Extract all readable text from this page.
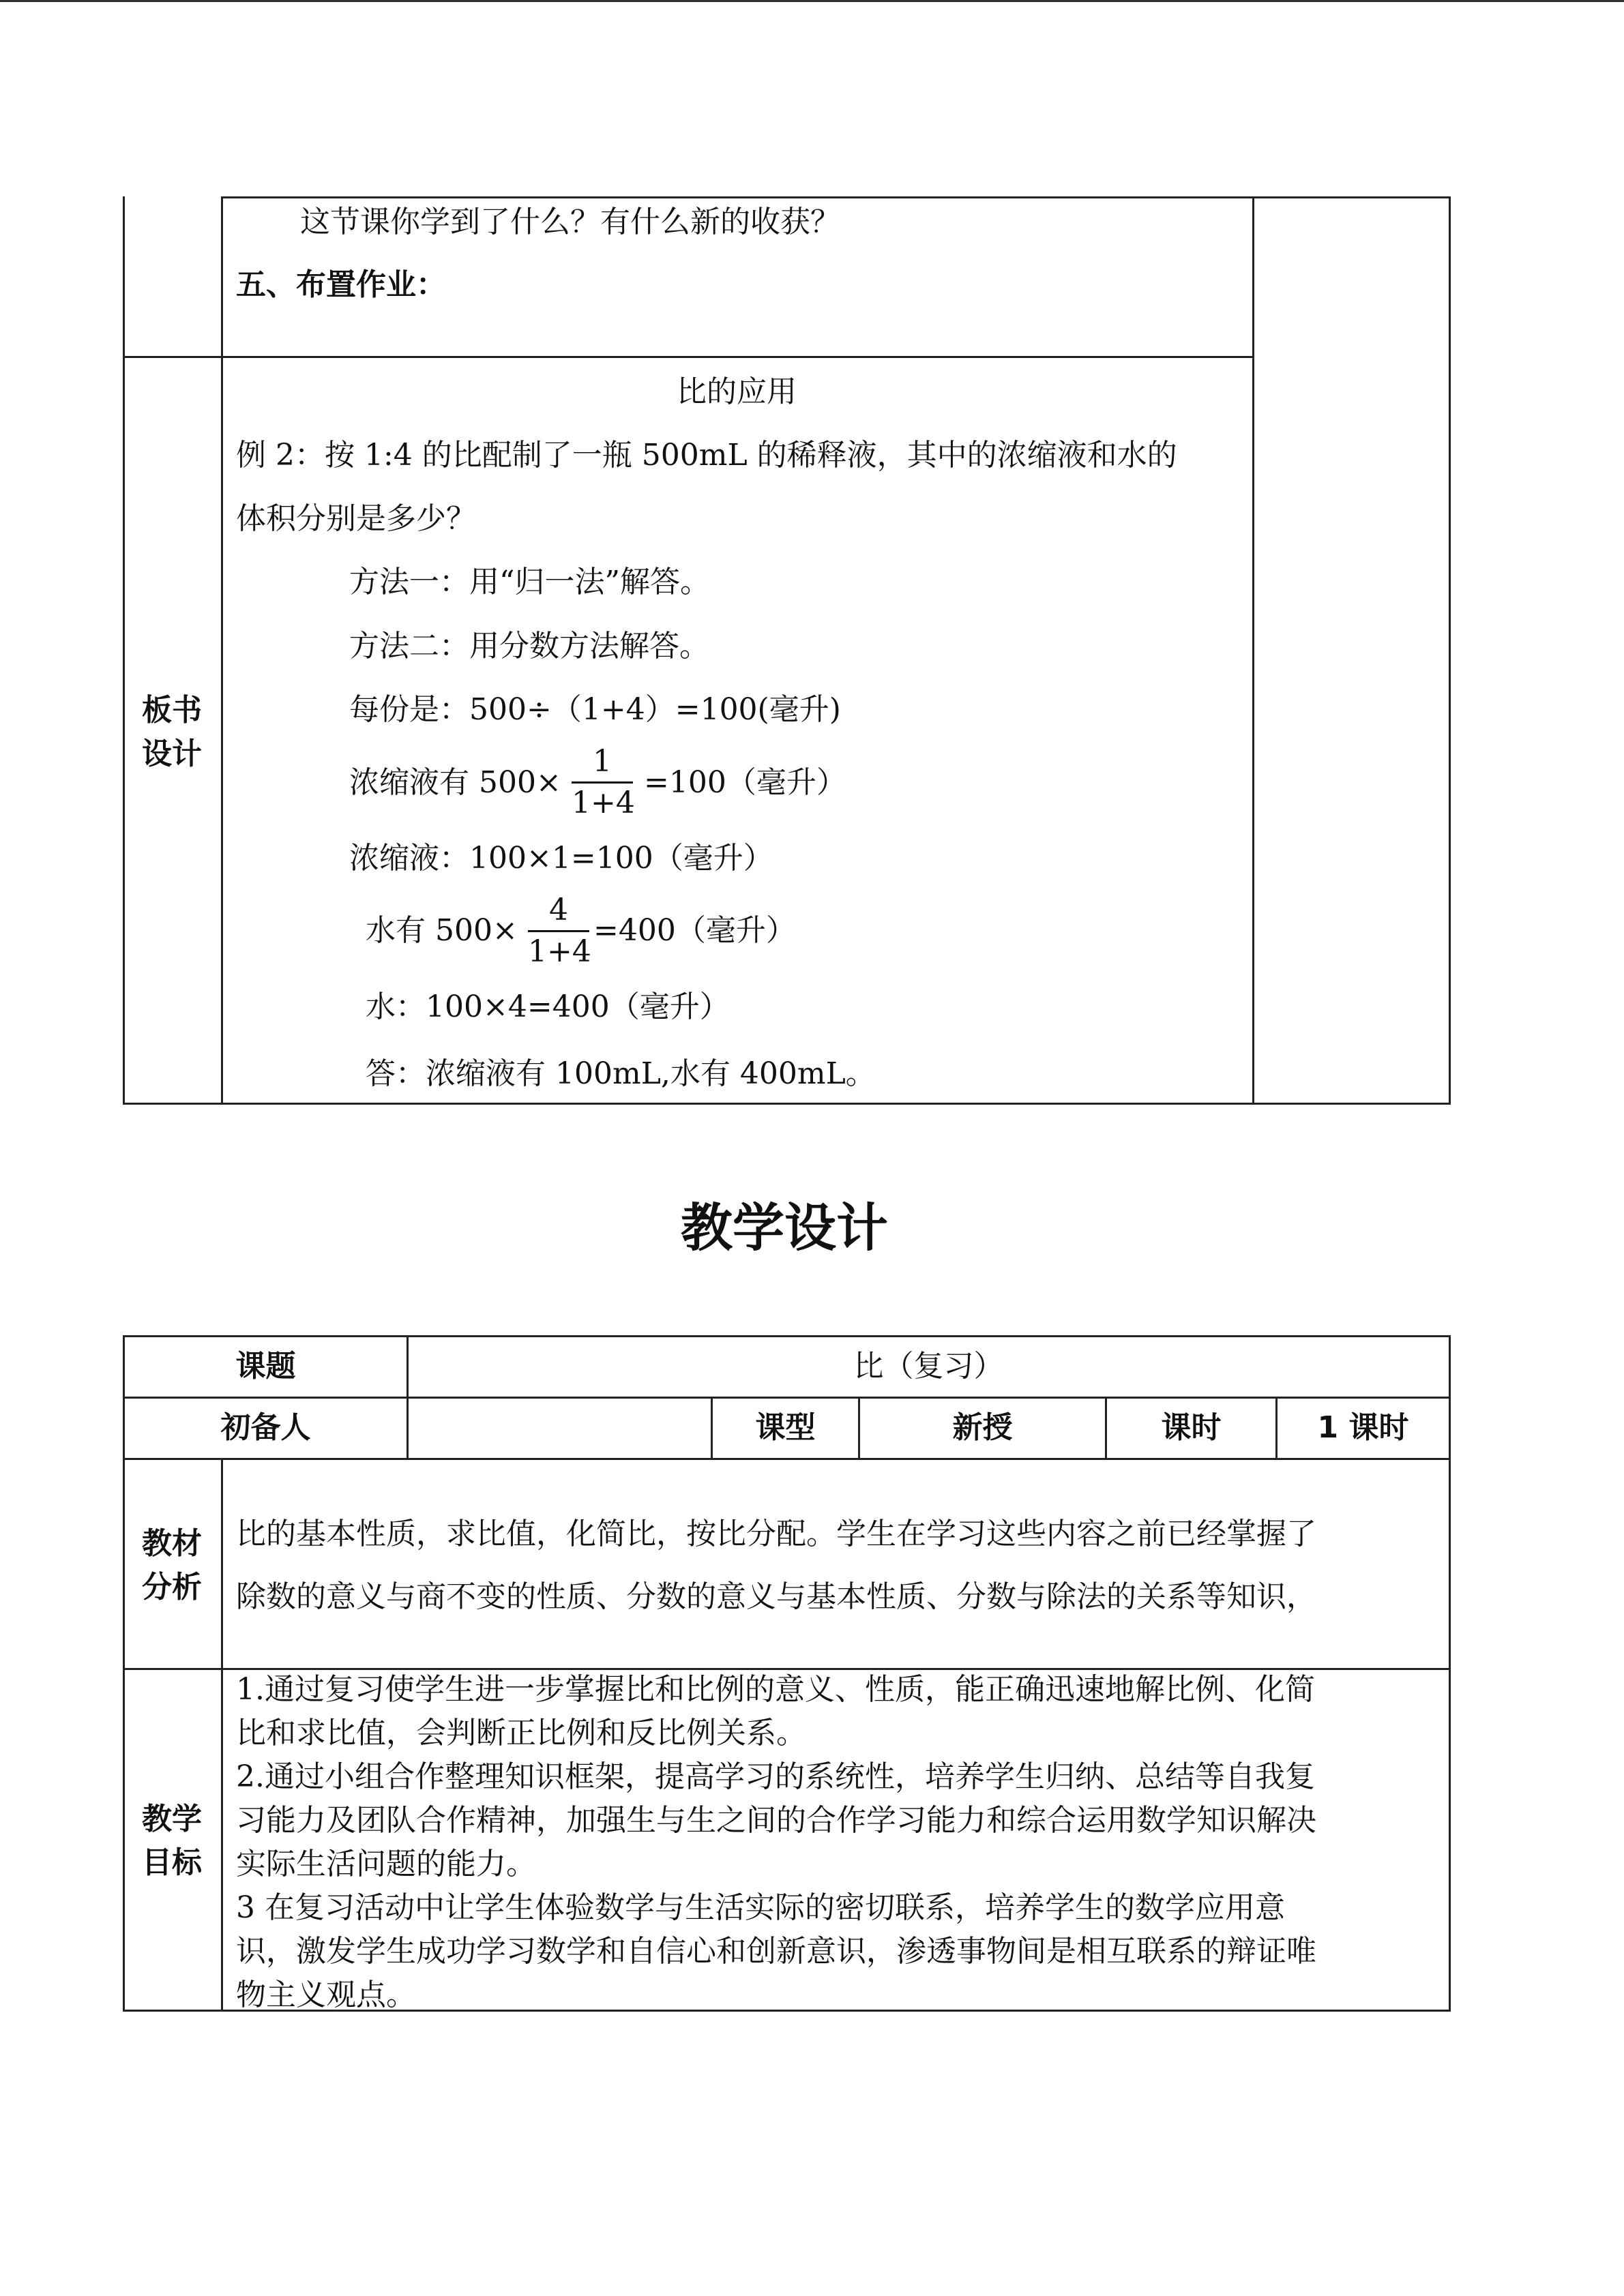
这节课你学到了什么？有什么新的收获？
五、布置作业：
板书
设计
比的应用
例 2：按 1:4 的比配制了一瓶 500mL 的稀释液，其中的浓缩液和水的
体积分别是多少？
方法一：用“归一法”解答。
方法二：用分数方法解答。
每份是：500÷（1+4）=100(毫升)
浓缩液有 500×
1
1+4
=100（毫升）
浓缩液：100×1=100（毫升）
水有 500×
4
1+4
=400（毫升）
水：100×4=400（毫升）
答：浓缩液有 100mL,水有 400mL。
教学设计
课题	比（复习）
初备人	课型	新授	课时	1 课时
教材
分析
比的基本性质，求比值，化简比，按比分配。学生在学习这些内容之前已经掌握了
除数的意义与商不变的性质、分数的意义与基本性质、分数与除法的关系等知识，
教学
目标
1.通过复习使学生进一步掌握比和比例的意义、性质，能正确迅速地解比例、化简
比和求比值，会判断正比例和反比例关系。
2.通过小组合作整理知识框架，提高学习的系统性，培养学生归纳、总结等自我复
习能力及团队合作精神，加强生与生之间的合作学习能力和综合运用数学知识解决
实际生活问题的能力。
3 在复习活动中让学生体验数学与生活实际的密切联系，培养学生的数学应用意
识，激发学生成功学习数学和自信心和创新意识，渗透事物间是相互联系的辩证唯
物主义观点。
